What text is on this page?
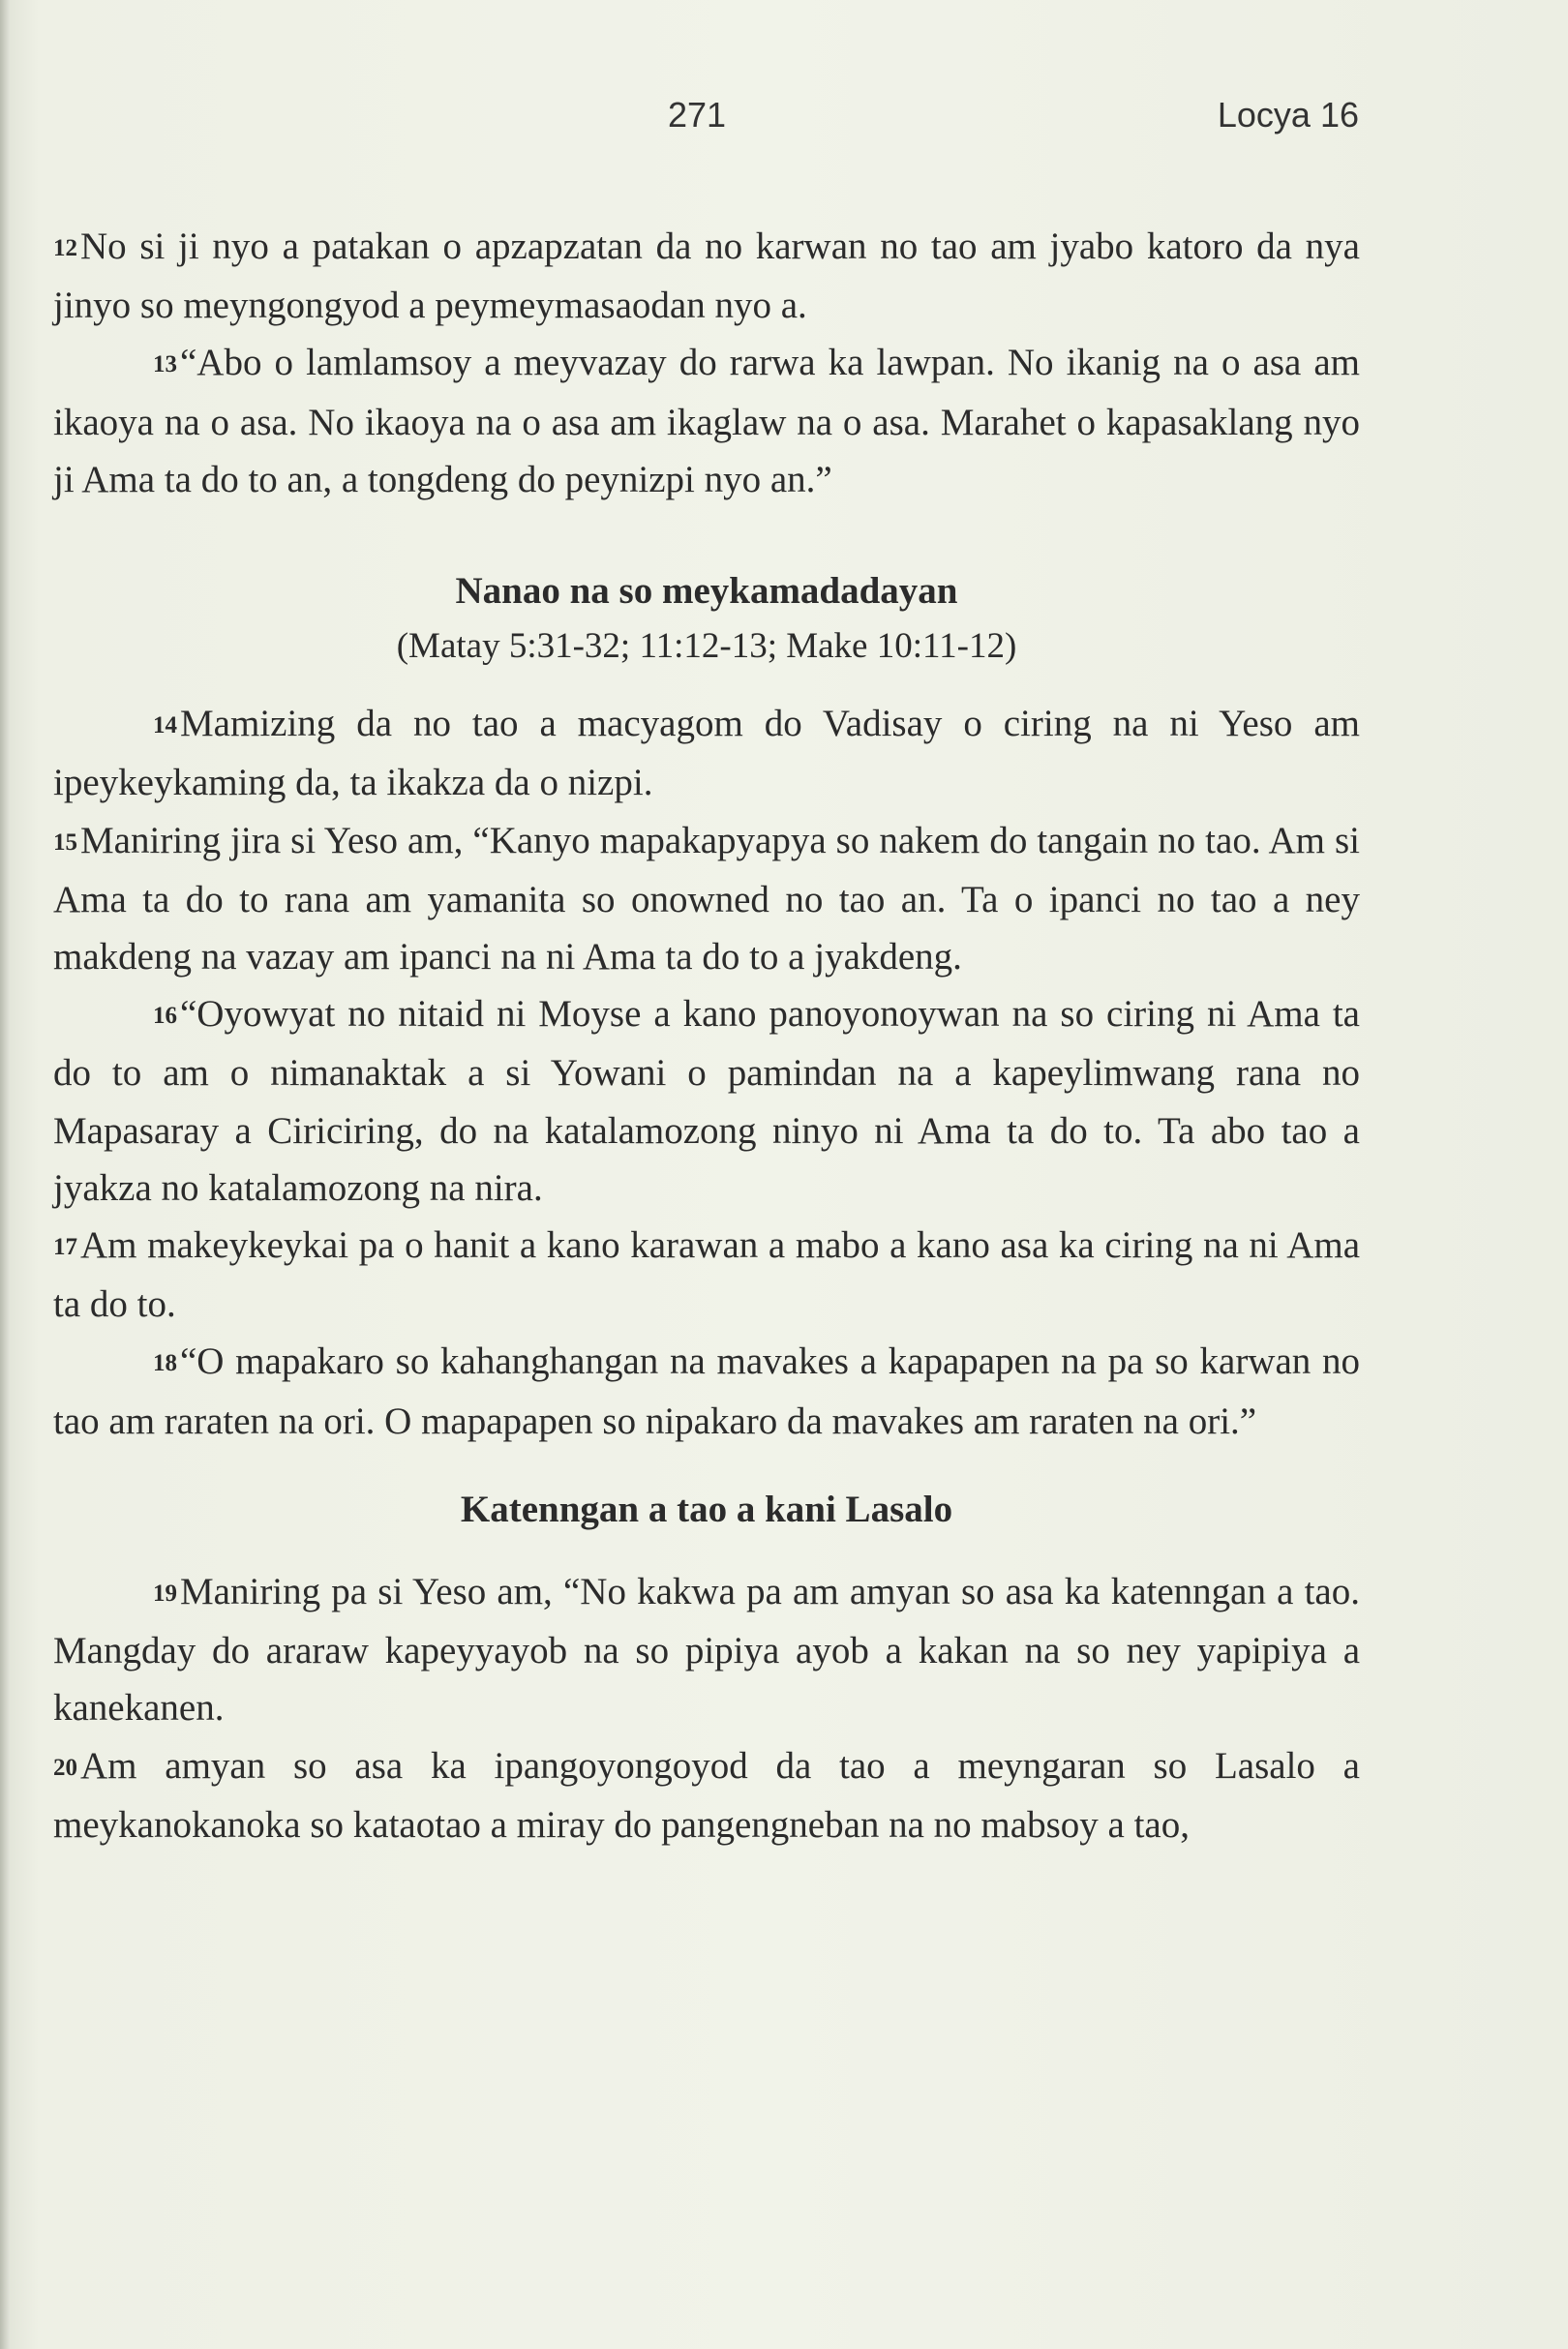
271	Locya 16

12No si ji nyo a patakan o apzapzatan da no karwan no tao am jyabo katoro da nya jinyo so meyngongyod a peymeymasaodan nyo a.

13“Abo o lamlamsoy a meyvazay do rarwa ka lawpan. No ikanig na o asa am ikaoya na o asa. No ikaoya na o asa am ikaglaw na o asa. Marahet o kapasaklang nyo ji Ama ta do to an, a tongdeng do peynizpi nyo an.”

Nanao na so meykamadadayan
(Matay 5:31-32; 11:12-13; Make 10:11-12)

14Mamizing da no tao a macyagom do Vadisay o ciring na ni Yeso am ipeykeykaming da, ta ikakza da o nizpi.

15Maniring jira si Yeso am, “Kanyo mapakapyapya so nakem do tangain no tao. Am si Ama ta do to rana am yamanita so onowned no tao an. Ta o ipanci no tao a ney makdeng na vazay am ipanci na ni Ama ta do to a jyakdeng.

16“Oyowyat no nitaid ni Moyse a kano panoyonoywan na so ciring ni Ama ta do to am o nimanaktak a si Yowani o pamindan na a kapeylimwang rana no Mapasaray a Ciriciring, do na katalamozong ninyo ni Ama ta do to. Ta abo tao a jyakza no katalamozong na nira.

17Am makeykeykai pa o hanit a kano karawan a mabo a kano asa ka ciring na ni Ama ta do to.

18“O mapakaro so kahanghangan na mavakes a kapapapen na pa so karwan no tao am raraten na ori. O mapapapen so nipakaro da mavakes am raraten na ori.”

Katenngan a tao a kani Lasalo

19Maniring pa si Yeso am, “No kakwa pa am amyan so asa ka katenngan a tao. Mangday do araraw kapeyyayob na so pipiya ayob a kakan na so ney yapipiya a kanekanen.

20Am amyan so asa ka ipangoyongoyod da tao a meyngaran so Lasalo a meykanokanoka so kataotao a miray do pangengneban na no mabsoy a tao,
